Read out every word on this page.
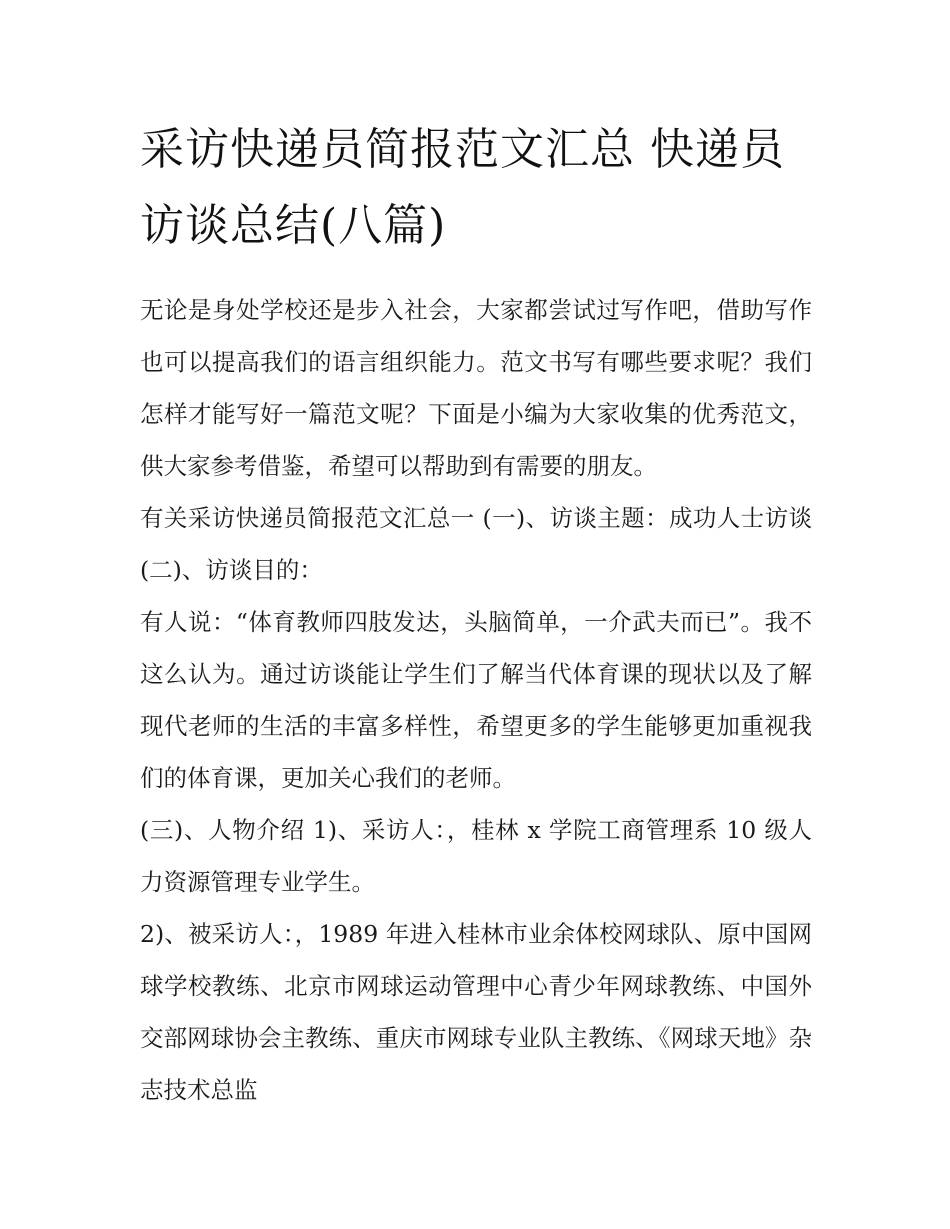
采访快递员简报范文汇总 快递员访谈总结(八篇)

无论是身处学校还是步入社会，大家都尝试过写作吧，借助写作也可以提高我们的语言组织能力。范文书写有哪些要求呢？我们怎样才能写好一篇范文呢？下面是小编为大家收集的优秀范文，供大家参考借鉴，希望可以帮助到有需要的朋友。

有关采访快递员简报范文汇总一 (一)、访谈主题：成功人士访谈 (二)、访谈目的：

有人说：“体育教师四肢发达，头脑简单，一介武夫而已”。我不这么认为。通过访谈能让学生们了解当代体育课的现状以及了解现代老师的生活的丰富多样性，希望更多的学生能够更加重视我们的体育课，更加关心我们的老师。

(三)、人物介绍 1)、采访人：，桂林 x 学院工商管理系 10 级人力资源管理专业学生。

2)、被采访人：，1989 年进入桂林市业余体校网球队、原中国网球学校教练、北京市网球运动管理中心青少年网球教练、中国外交部网球协会主教练、重庆市网球专业队主教练、《网球天地》杂志技术总监
